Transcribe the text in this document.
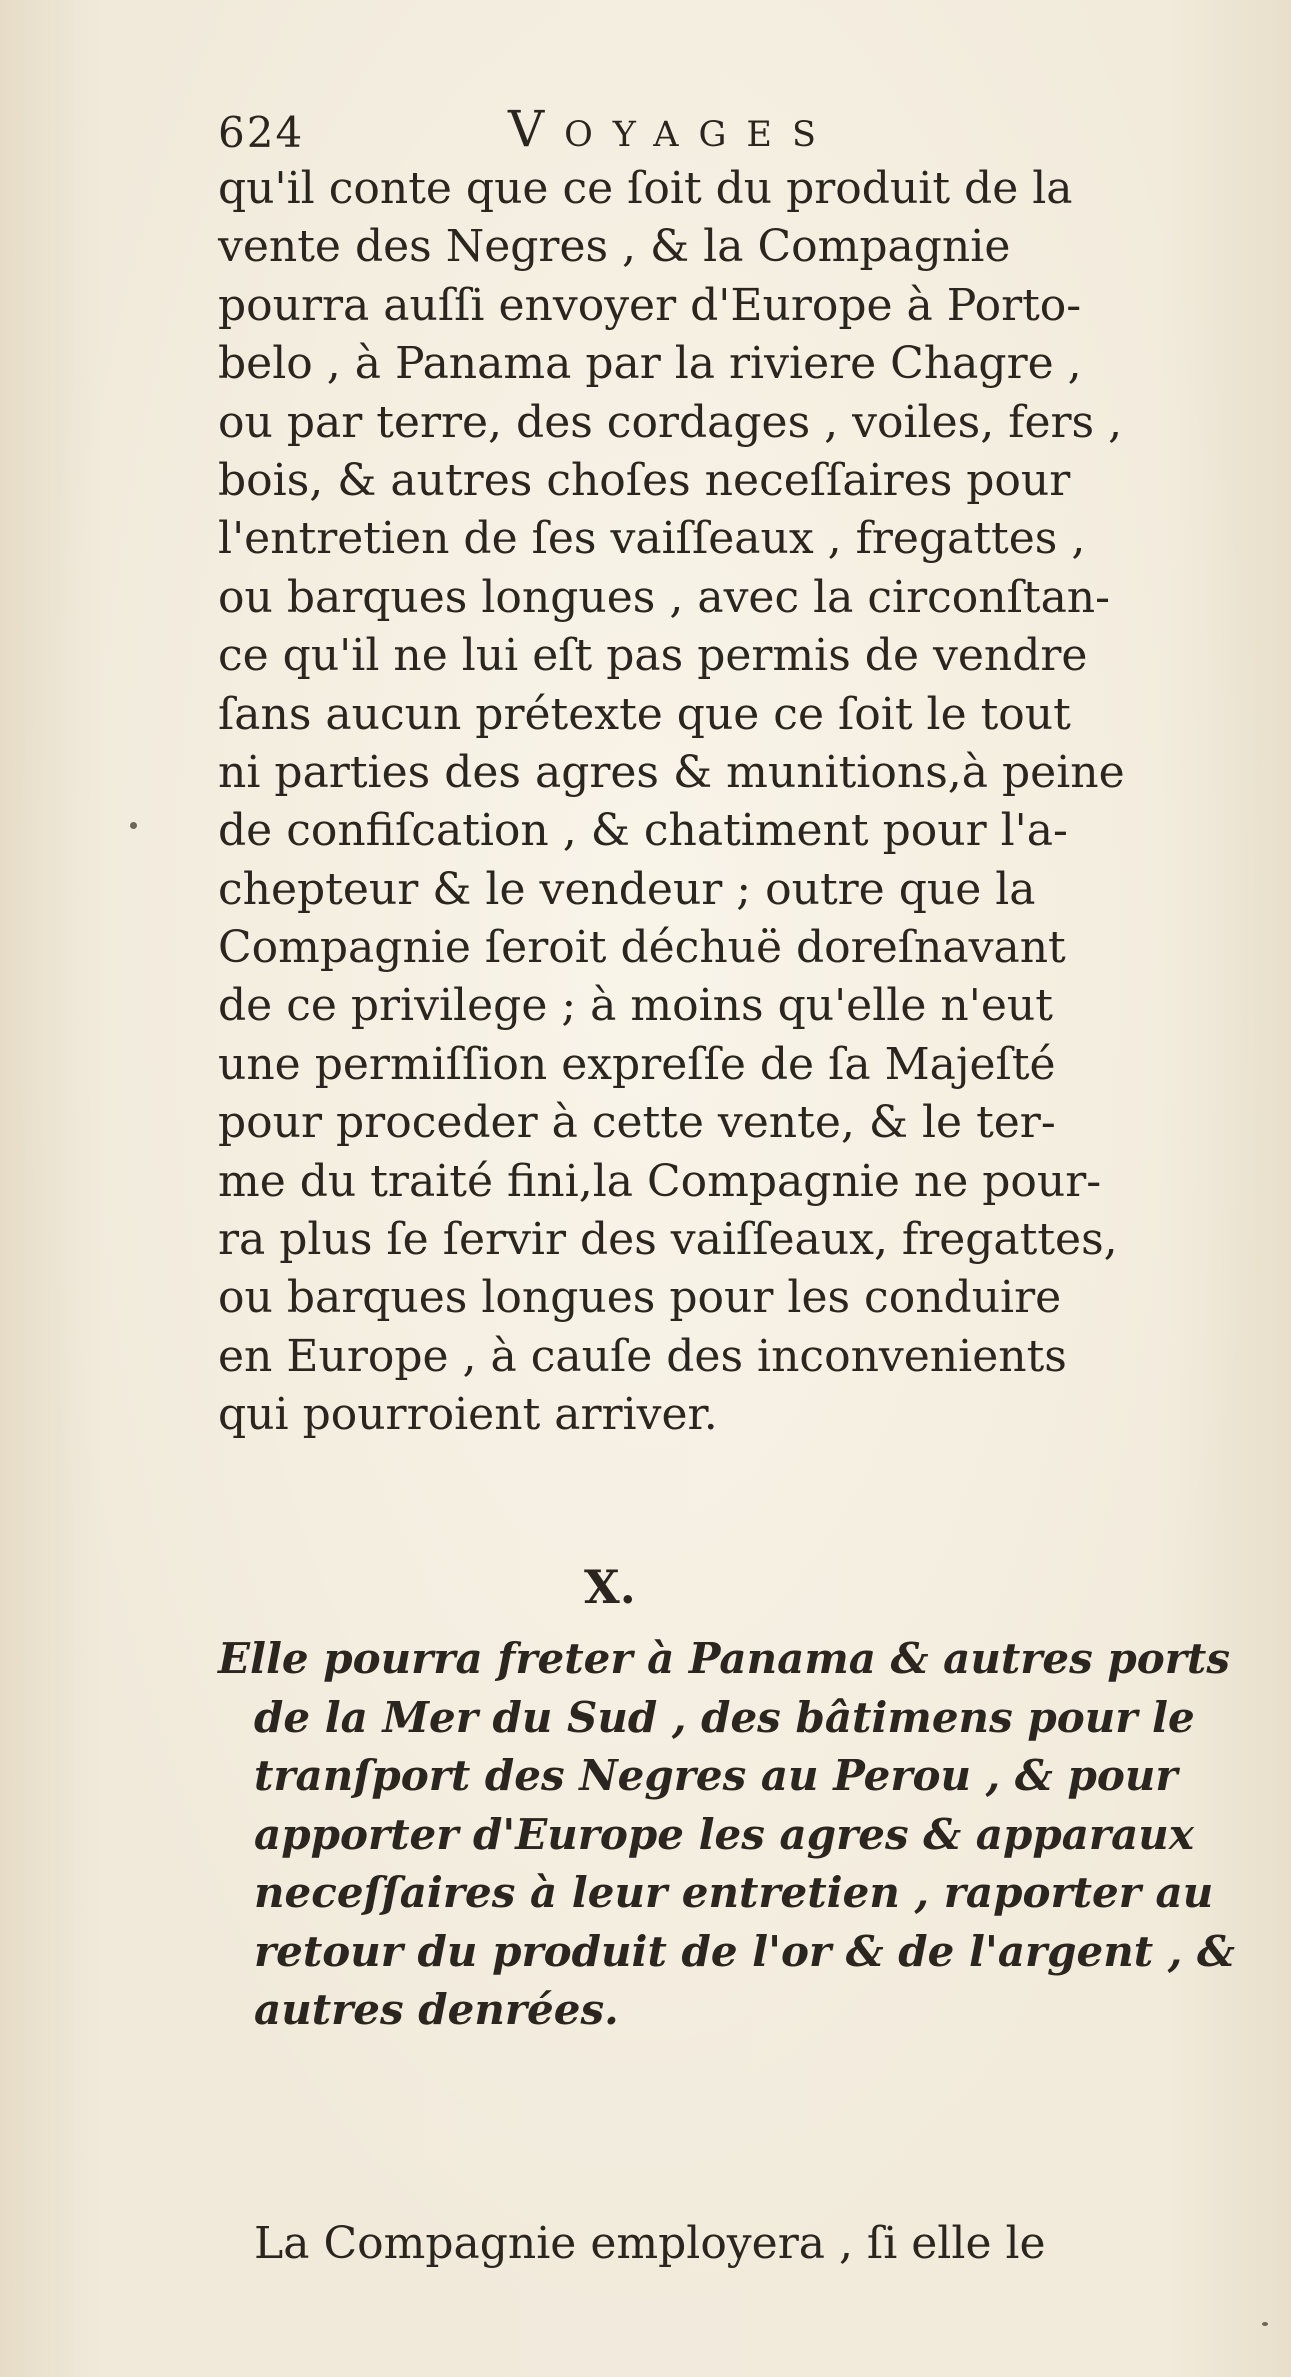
624	Voyages
qu'il conte que ce ſoit du produit de la
vente des Negres , & la Compagnie
pourra auſſi envoyer d'Europe à Porto-
belo , à Panama par la riviere Chagre ,
ou par terre, des cordages , voiles, fers ,
bois, & autres choſes neceſſaires pour
l'entretien de ſes vaiſſeaux , fregattes ,
ou barques longues , avec la circonſtan-
ce qu'il ne lui eſt pas permis de vendre
ſans aucun prétexte que ce ſoit le tout
ni parties des agres & munitions,à peine
de confiſcation , & chatiment pour l'a-
chepteur & le vendeur ; outre que la
Compagnie ſeroit déchuë doreſnavant
de ce privilege ; à moins qu'elle n'eut
une permiſſion expreſſe de ſa Majeſté
pour proceder à cette vente, & le ter-
me du traité fini,la Compagnie ne pour-
ra plus ſe ſervir des vaiſſeaux, fregattes,
ou barques longues pour les conduire
en Europe , à cauſe des inconvenients
qui pourroient arriver.
X.
Elle pourra freter à Panama & autres ports
de la Mer du Sud , des bâtimens pour le
tranſport des Negres au Perou , & pour
apporter d'Europe les agres & apparaux
neceſſaires à leur entretien , raporter au
retour du produit de l'or & de l'argent , &
autres denrées.
La Compagnie employera , ſi elle le
